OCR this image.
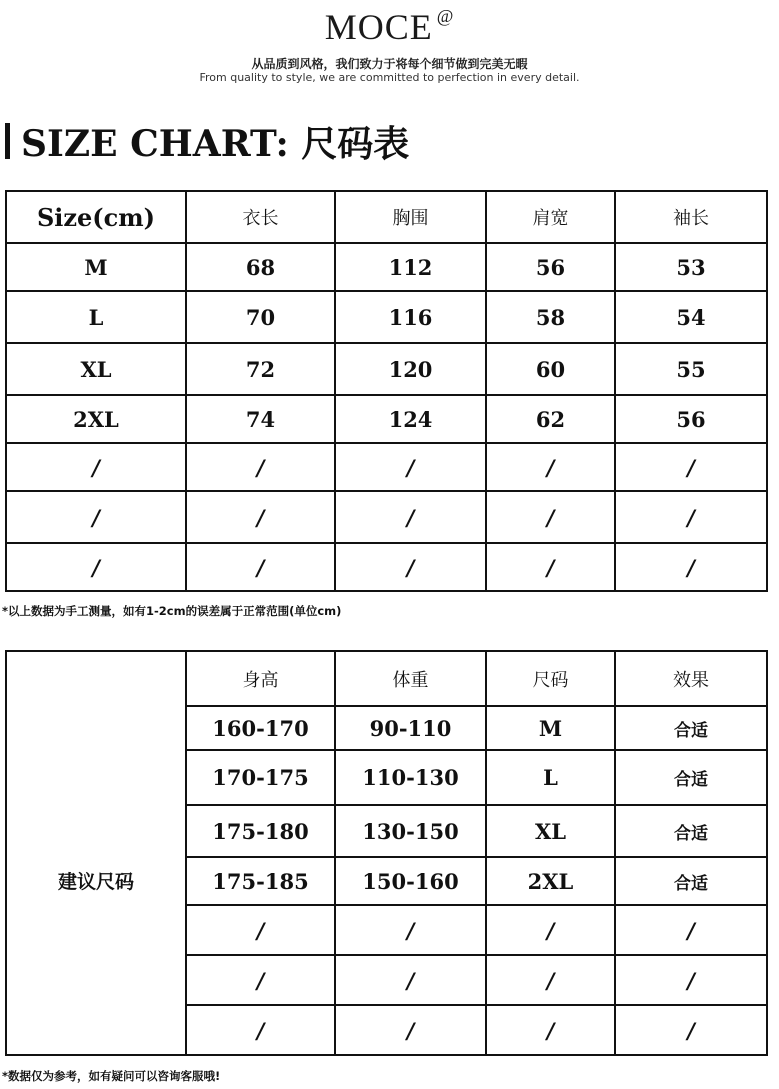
MOCE @
从品质到风格，我们致力于将每个细节做到完美无暇
From quality to style, we are committed to perfection in every detail.
SIZE CHART: 尺码表
Size(cm)	衣长	胸围	肩宽	袖长
M	68	112	56	53
L	70	116	58	54
XL	72	120	60	55
2XL	74	124	62	56
/	/	/	/	/
/	/	/	/	/
/	/	/	/	/
*以上数据为手工测量，如有1-2cm的误差属于正常范围(单位cm)
	身高	体重	尺码	效果
建议尺码	160-170	90-110	M	合适
	170-175	110-130	L	合适
	175-180	130-150	XL	合适
	175-185	150-160	2XL	合适
	/	/	/	/
	/	/	/	/
	/	/	/	/
*数据仅为参考，如有疑问可以咨询客服哦!
